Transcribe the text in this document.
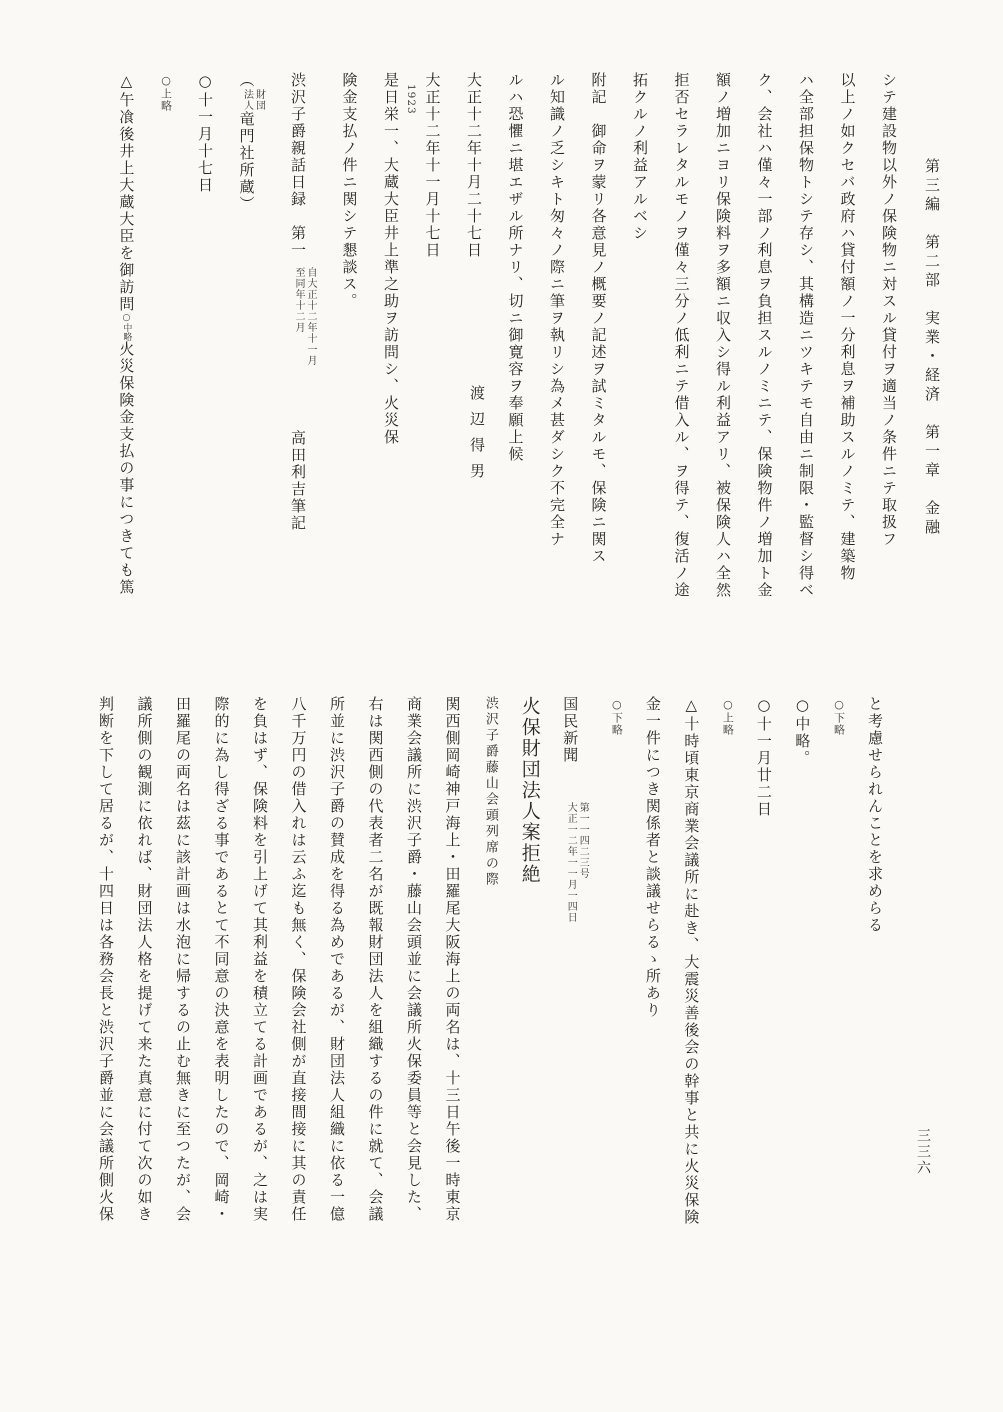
第三編　第二部　実業・経済　第一章　金融
1923	シテ建設物以外ノ保険物ニ対スル貸付ヲ適当ノ条件ニテ取扱フ
以上ノ如クセバ政府ハ貸付額ノ一分利息ヲ補助スルノミテ、建築物
ハ全部担保物トシテ存シ、其構造ニツキテモ自由ニ制限・監督シ得ベ
ク、会社ハ僅々一部ノ利息ヲ負担スルノミニテ、保険物件ノ増加ト金
額ノ増加ニヨリ保険料ヲ多額ニ収入シ得ル利益アリ、被保険人ハ全然
拒否セラレタルモノヲ僅々三分ノ低利ニテ借入ル、ヲ得テ、復活ノ途
拓クルノ利益アルベシ
附記　御命ヲ蒙リ各意見ノ概要ノ記述ヲ試ミタルモ、保険ニ関ス
ル知識ノ乏シキト匆々ノ際ニ筆ヲ執リシ為メ甚ダシク不完全ナ
ルハ恐懼ニ堪エザル所ナリ、切ニ御寛容ヲ奉願上候
大正十二年十月二十七日渡辺得男
大正十二年十一月十七日
是日栄一、大蔵大臣井上準之助ヲ訪問シ、火災保
険金支払ノ件ニ関シテ懇談ス。
渋沢子爵親話日録　第一
自大正十二年十一月
至同年十二月
高田利吉筆記
（
財団
法人
竜門社所蔵）
○十一月十七日
○上略
△午飡後井上大蔵大臣を御訪問○中略火災保険金支払の事につきても篤
と考慮せられんことを求めらる
○下略
○中略。
○十一月廿二日
○上略
△十時頃東京商業会議所に赴き、大震災善後会の幹事と共に火災保険
金一件につき関係者と談議せらるゝ所あり
○下略
国民新聞
第一一四二三号
大正一二年一一月一四日
火保財団法人案拒絶
渋沢子爵藤山会頭列席の際
関西側岡崎神戸海上・田羅尾大阪海上の両名は、十三日午後一時東京
商業会議所に渋沢子爵・藤山会頭並に会議所火保委員等と会見した、
右は関西側の代表者二名が既報財団法人を組織するの件に就て、会議
所並に渋沢子爵の賛成を得る為めであるが、財団法人組織に依る一億
八千万円の借入れは云ふ迄も無く、保険会社側が直接間接に其の責任
を負はず、保険料を引上げて其利益を積立てる計画であるが、之は実
際的に為し得ざる事であるとて不同意の決意を表明したので、岡崎・
田羅尾の両名は茲に該計画は水泡に帰するの止む無きに至つたが、会
議所側の観測に依れば、財団法人格を提げて来た真意に付て次の如き
判断を下して居るが、十四日は各務会長と渋沢子爵並に会議所側火保	三三六
